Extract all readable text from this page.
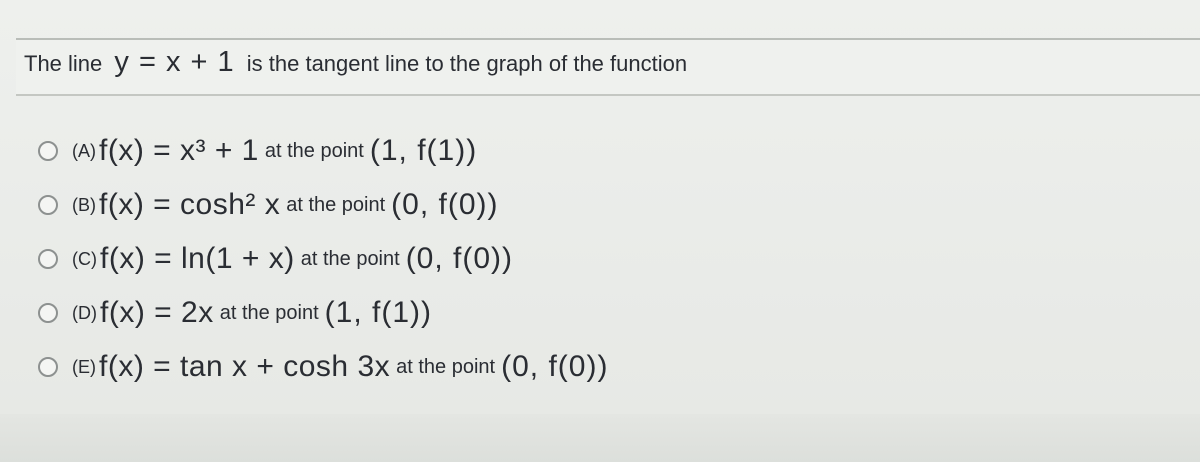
The line y = x + 1 is the tangent line to the graph of the function
(A) f(x) = x³ + 1 at the point (1, f(1))
(B) f(x) = cosh² x at the point (0, f(0))
(C) f(x) = ln(1 + x) at the point (0, f(0))
(D) f(x) = 2x at the point (1, f(1))
(E) f(x) = tan x + cosh 3x at the point (0, f(0))
